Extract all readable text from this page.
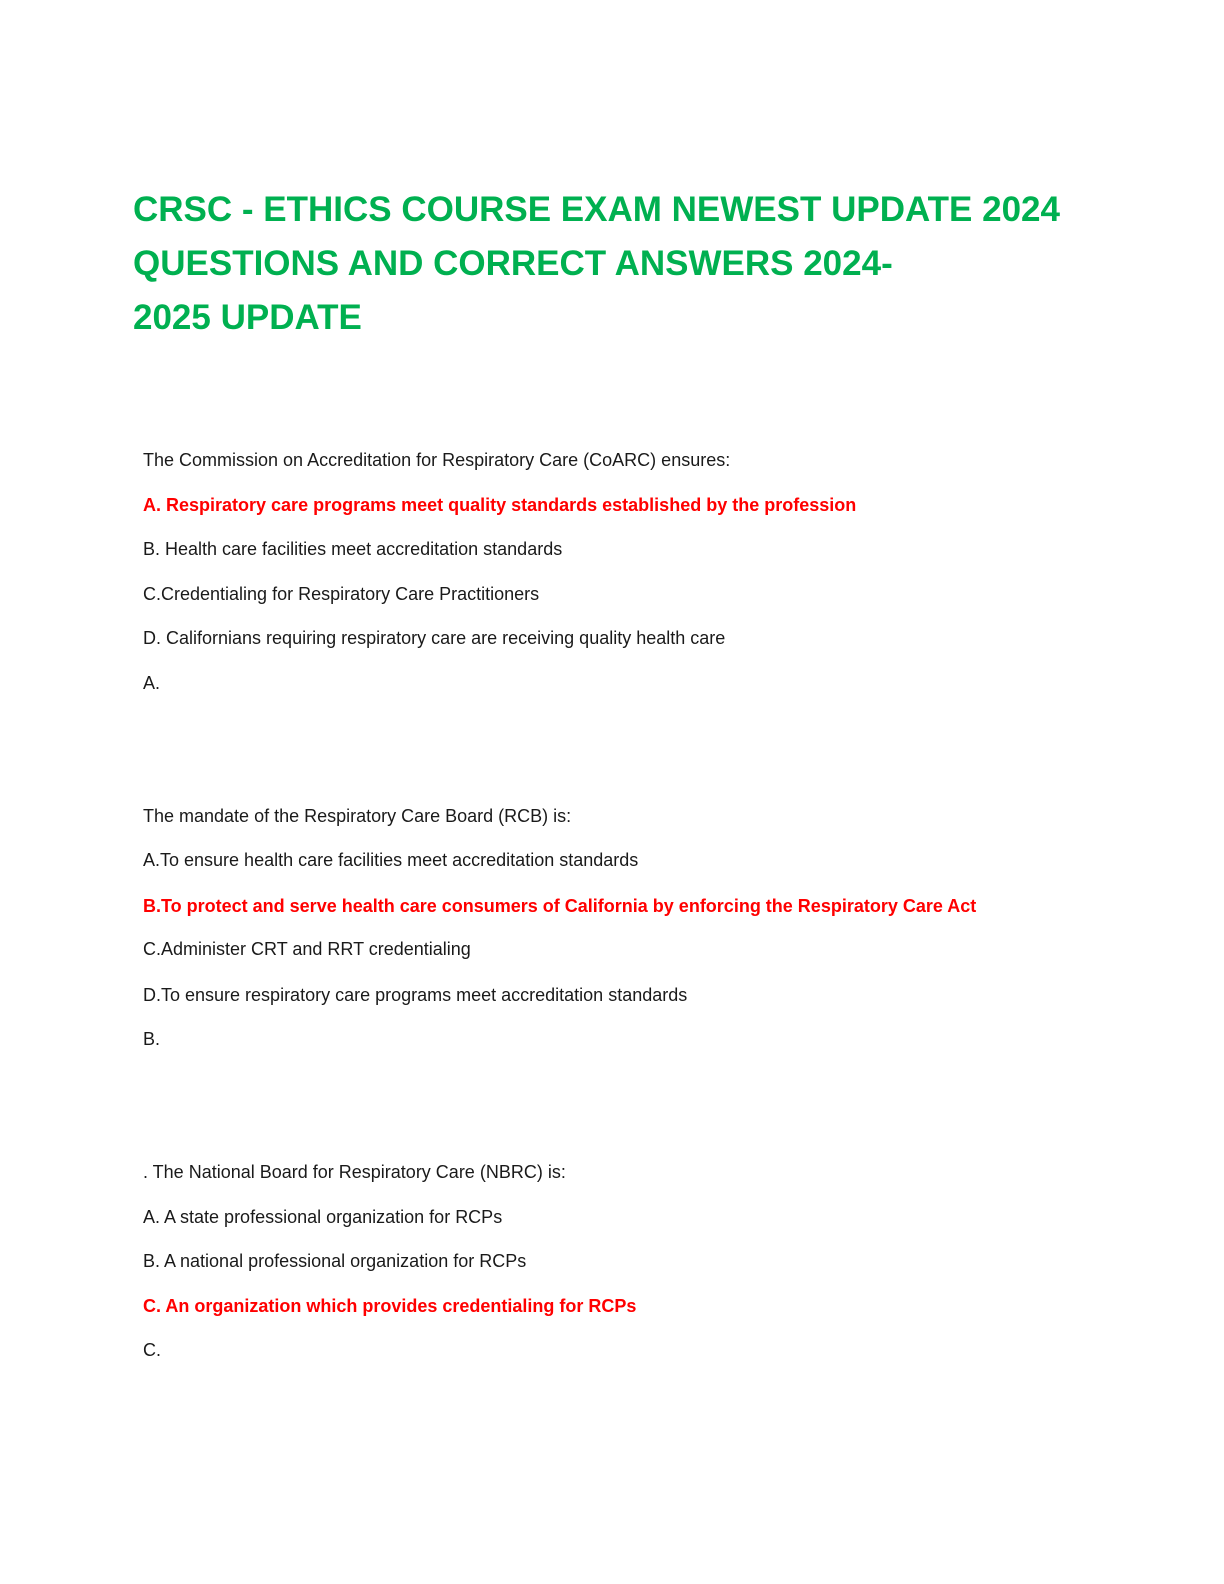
CRSC - ETHICS COURSE EXAM NEWEST UPDATE 2024
QUESTIONS AND CORRECT ANSWERS 2024-
2025 UPDATE

The Commission on Accreditation for Respiratory Care (CoARC) ensures:

A. Respiratory care programs meet quality standards established by the profession

B. Health care facilities meet accreditation standards

C.Credentialing for Respiratory Care Practitioners

D. Californians requiring respiratory care are receiving quality health care

A.

The mandate of the Respiratory Care Board (RCB) is:

A.To ensure health care facilities meet accreditation standards

B.To protect and serve health care consumers of California by enforcing the Respiratory Care Act

C.Administer CRT and RRT credentialing

D.To ensure respiratory care programs meet accreditation standards

B.

. The National Board for Respiratory Care (NBRC) is:

A. A state professional organization for RCPs

B. A national professional organization for RCPs

C. An organization which provides credentialing for RCPs

C.
